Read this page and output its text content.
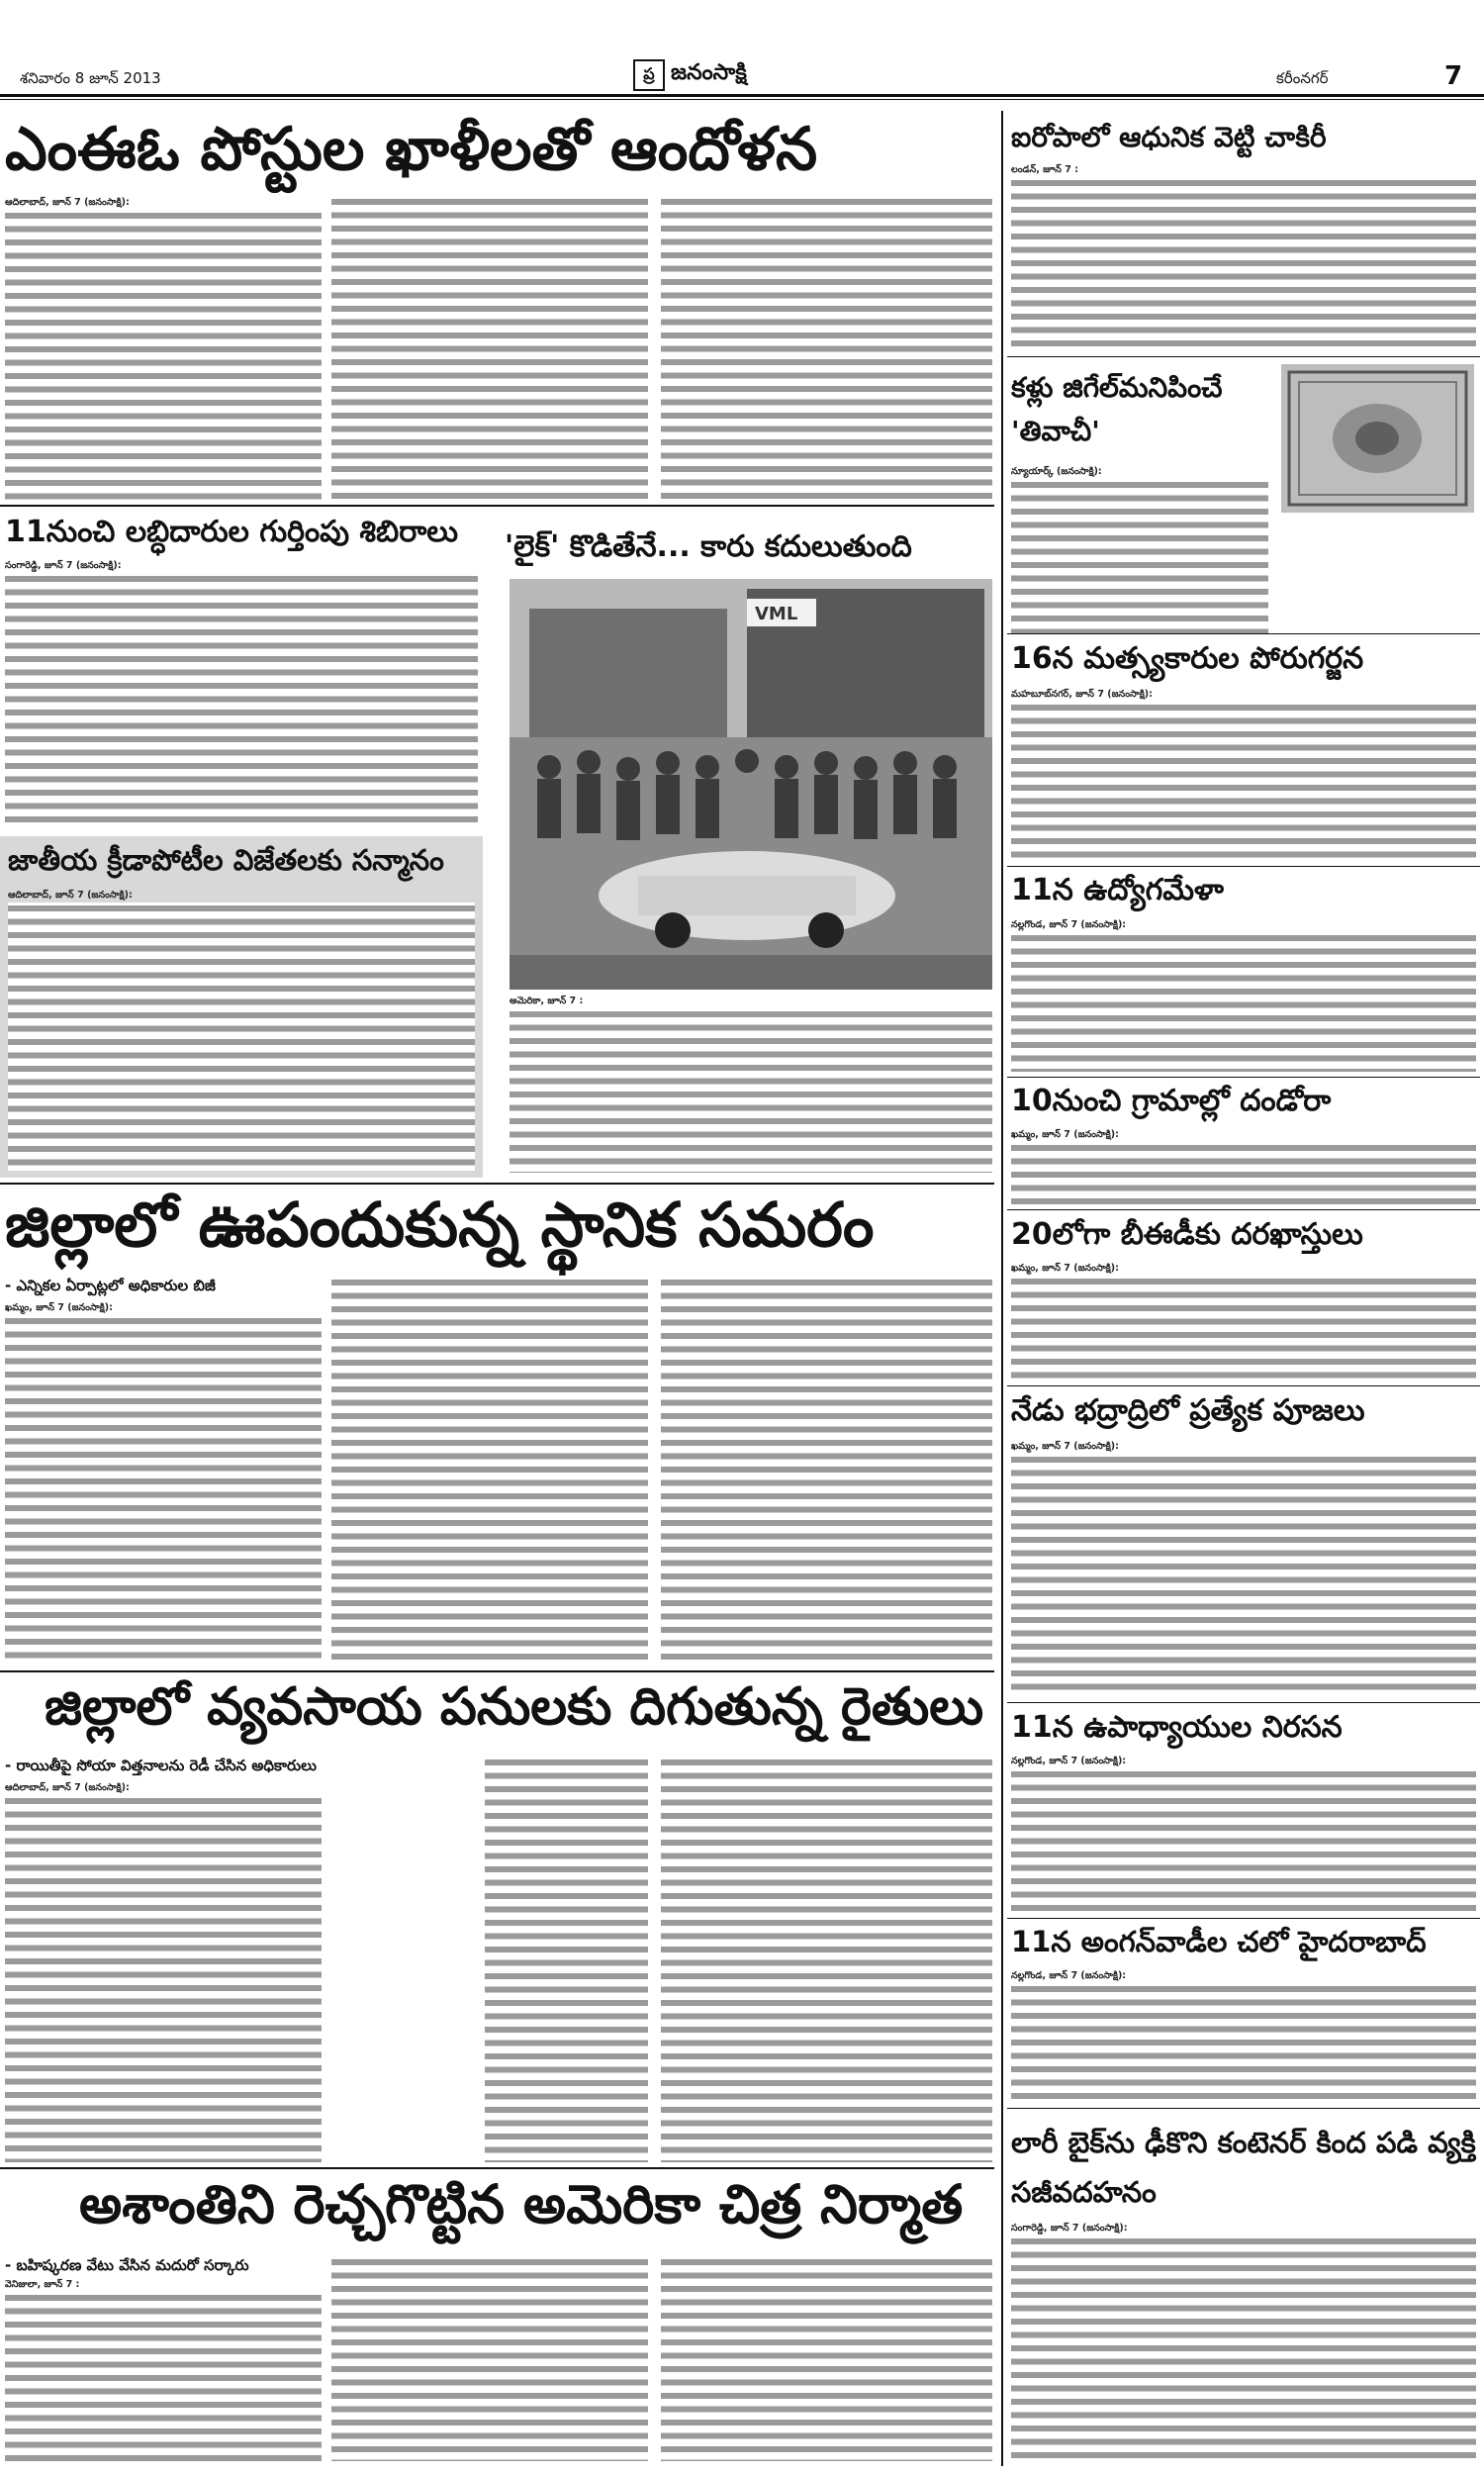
శనివారం 8 జూన్ 2013	ప్ర జనంసాక్షి	కరీంనగర్	7
ఎంఈఓ పోస్టుల ఖాళీలతో ఆందోళన
ఆదిలాబాద్, జూన్ 7 (జనంసాక్షి):
11నుంచి లబ్ధిదారుల గుర్తింపు శిబిరాలు
సంగారెడ్డి, జూన్ 7 (జనంసాక్షి):
జాతీయ క్రీడాపోటీల విజేతలకు సన్మానం
ఆదిలాబాద్, జూన్ 7 (జనంసాక్షి):
'లైక్' కొడితేనే... కారు కదులుతుంది
VML
అమెరికా, జూన్ 7 :
జిల్లాలో ఊపందుకున్న స్థానిక సమరం
- ఎన్నికల ఏర్పాట్లలో అధికారుల బిజీ
ఖమ్మం, జూన్ 7 (జనంసాక్షి):
జిల్లాలో వ్యవసాయ పనులకు దిగుతున్న రైతులు
- రాయితీపై సోయా విత్తనాలను రెడీ చేసిన అధికారులు
ఆదిలాబాద్, జూన్ 7 (జనంసాక్షి):
అశాంతిని రెచ్చగొట్టిన అమెరికా చిత్ర నిర్మాత
- బహిష్కరణ వేటు వేసిన మదురో సర్కారు
వెనిజులా, జూన్ 7 :
ఐరోపాలో ఆధునిక వెట్టి చాకిరీ
లండన్, జూన్ 7 :
కళ్లు జిగేల్‌మనిపించే 'తివాచీ'
న్యూయార్క్ (జనంసాక్షి):
16న మత్స్యకారుల పోరుగర్జన
మహబూబ్‌నగర్, జూన్ 7 (జనంసాక్షి):
11న ఉద్యోగమేళా
నల్లగొండ, జూన్ 7 (జనంసాక్షి):
10నుంచి గ్రామాల్లో దండోరా
ఖమ్మం, జూన్ 7 (జనంసాక్షి):
20లోగా బీఈడీకు దరఖాస్తులు
ఖమ్మం, జూన్ 7 (జనంసాక్షి):
నేడు భద్రాద్రిలో ప్రత్యేక పూజలు
ఖమ్మం, జూన్ 7 (జనంసాక్షి):
11న ఉపాధ్యాయుల నిరసన
నల్లగొండ, జూన్ 7 (జనంసాక్షి):
11న అంగన్‌వాడీల చలో హైదరాబాద్
నల్లగొండ, జూన్ 7 (జనంసాక్షి):
లారీ బైక్‌ను ఢీకొని కంటెనర్ కింద పడి వ్యక్తి సజీవదహనం
సంగారెడ్డి, జూన్ 7 (జనంసాక్షి):
